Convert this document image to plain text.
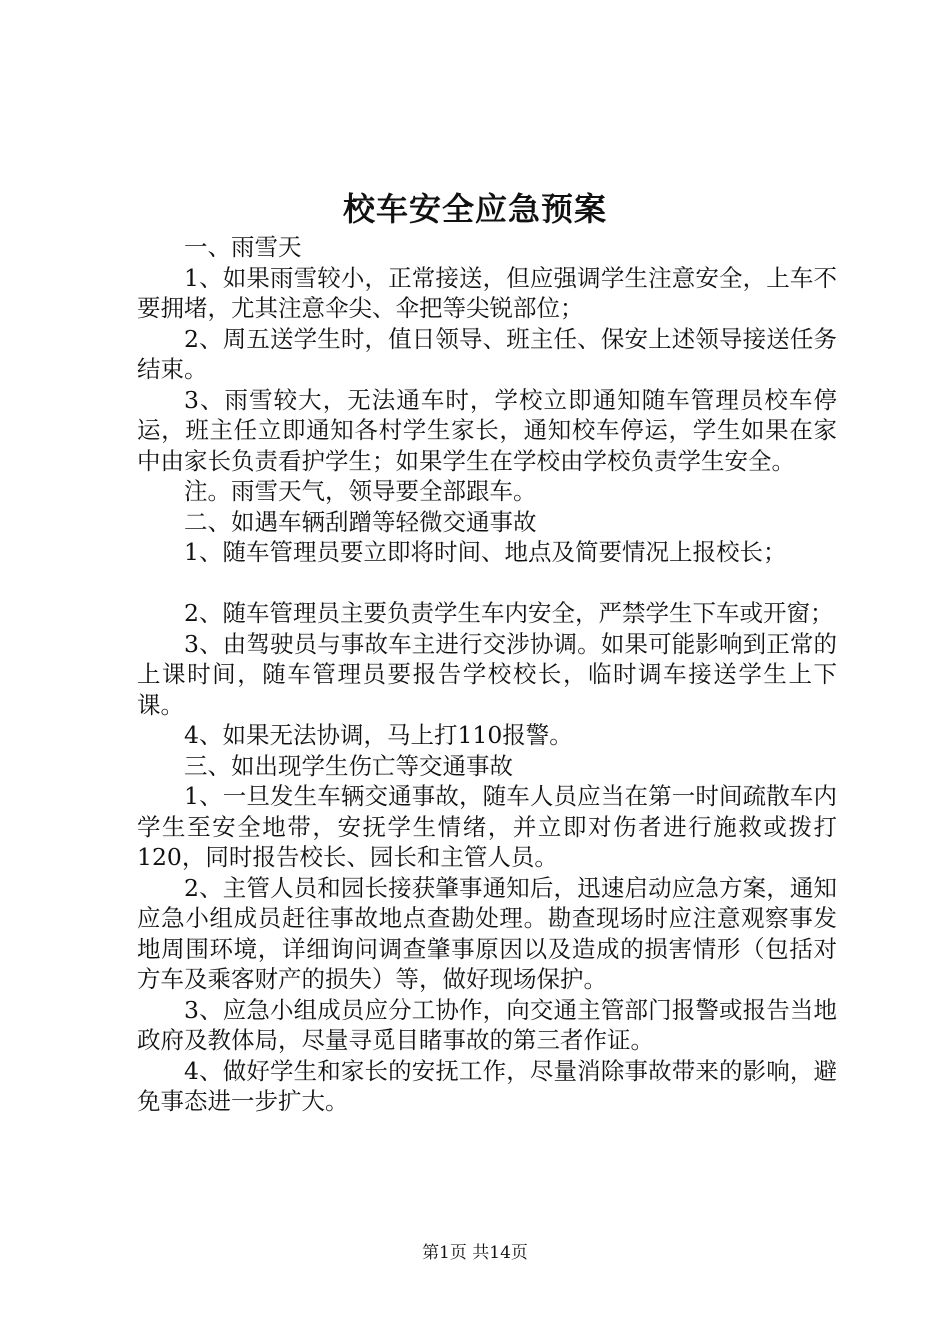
校车安全应急预案

一、雨雪天

1、如果雨雪较小，正常接送，但应强调学生注意安全，上车不要拥堵，尤其注意伞尖、伞把等尖锐部位；

2、周五送学生时，值日领导、班主任、保安上述领导接送任务结束。

3、雨雪较大，无法通车时，学校立即通知随车管理员校车停运，班主任立即通知各村学生家长，通知校车停运，学生如果在家中由家长负责看护学生；如果学生在学校由学校负责学生安全。

注。雨雪天气，领导要全部跟车。

二、如遇车辆刮蹭等轻微交通事故

1、随车管理员要立即将时间、地点及简要情况上报校长；

2、随车管理员主要负责学生车内安全，严禁学生下车或开窗；

3、由驾驶员与事故车主进行交涉协调。如果可能影响到正常的上课时间，随车管理员要报告学校校长，临时调车接送学生上下课。

4、如果无法协调，马上打110报警。

三、如出现学生伤亡等交通事故

1、一旦发生车辆交通事故，随车人员应当在第一时间疏散车内学生至安全地带，安抚学生情绪，并立即对伤者进行施救或拨打120，同时报告校长、园长和主管人员。

2、主管人员和园长接获肇事通知后，迅速启动应急方案，通知应急小组成员赶往事故地点查勘处理。勘查现场时应注意观察事发地周围环境，详细询问调查肇事原因以及造成的损害情形（包括对方车及乘客财产的损失）等，做好现场保护。

3、应急小组成员应分工协作，向交通主管部门报警或报告当地政府及教体局，尽量寻觅目睹事故的第三者作证。

4、做好学生和家长的安抚工作，尽量消除事故带来的影响，避免事态进一步扩大。

第1页 共14页
